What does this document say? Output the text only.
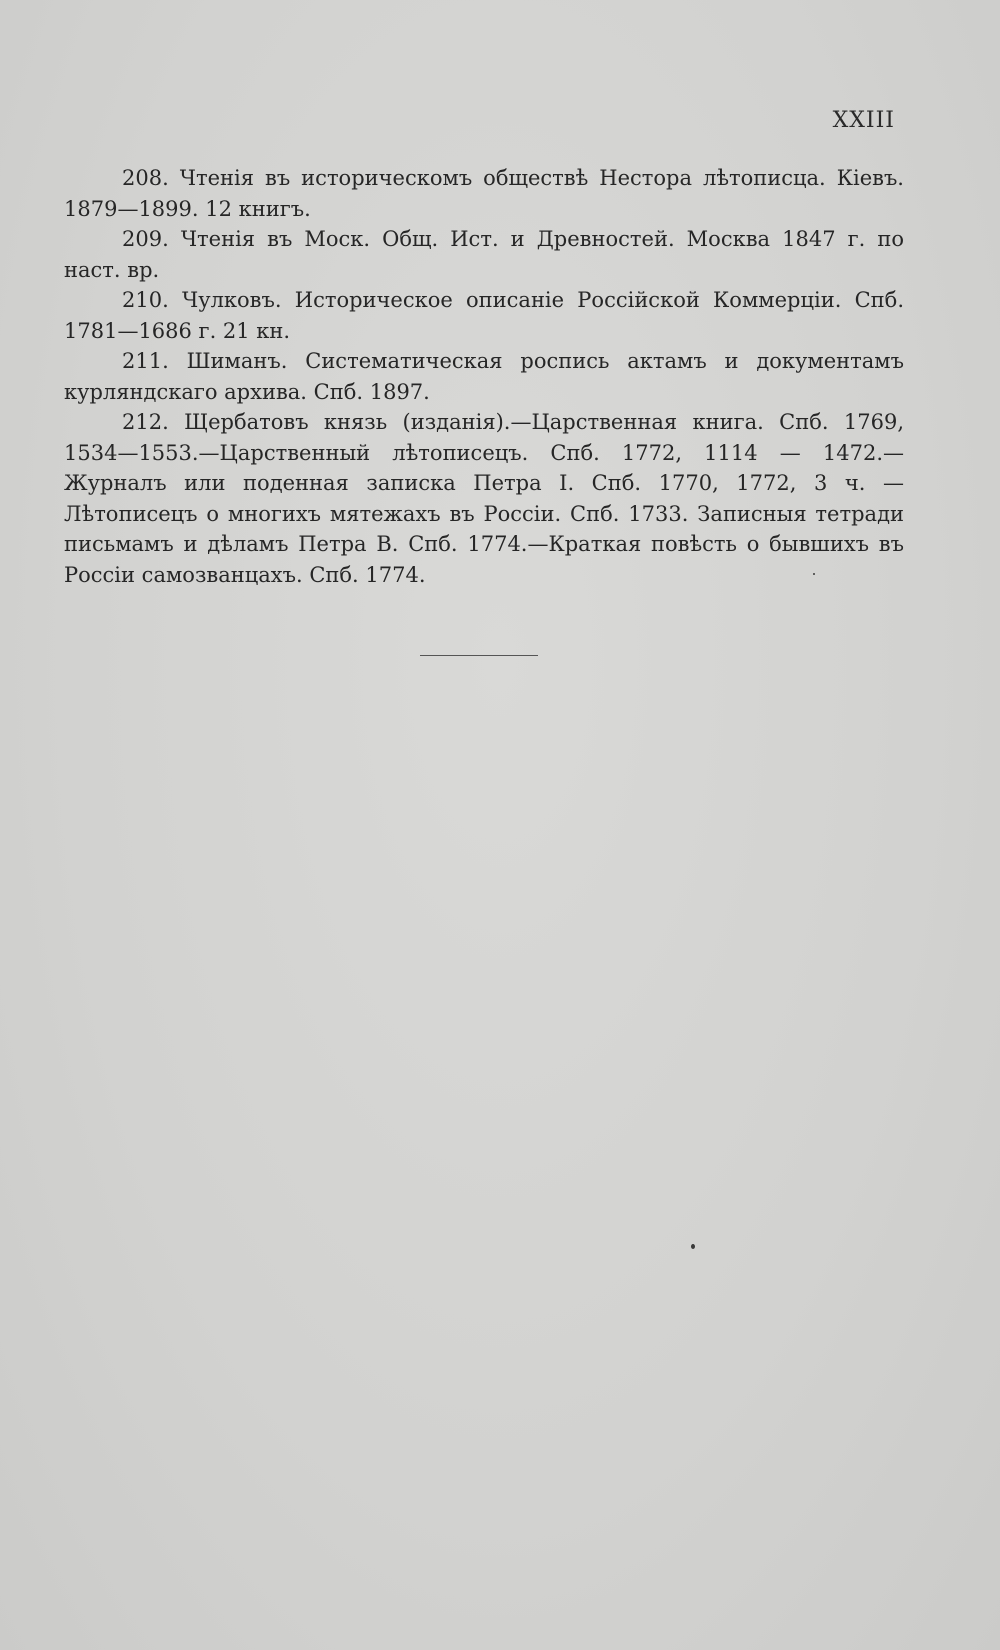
XXIII

208. Чтенія въ историческомъ обществѣ Нестора лѣтописца. Кіевъ. 1879—1899. 12 книгъ.

209. Чтенія въ Моск. Общ. Ист. и Древностей. Москва 1847 г. по наст. вр.

210. Чулковъ. Историческое описаніе Россійской Коммерціи. Спб. 1781—1686 г. 21 кн.

211. Шиманъ. Систематическая роспись актамъ и документамъ курляндскаго архива. Спб. 1897.

212. Щербатовъ князь (изданія).—Царственная книга. Спб. 1769, 1534—1553.—Царственный лѣтописецъ. Спб. 1772, 1114 — 1472.—Журналъ или поденная записка Петра I. Спб. 1770, 1772, 3 ч. —Лѣтописецъ о многихъ мятежахъ въ Россіи. Спб. 1733. Записныя тетради письмамъ и дѣламъ Петра В. Спб. 1774.—Краткая повѣсть о бывшихъ въ Россіи самозванцахъ. Спб. 1774.
